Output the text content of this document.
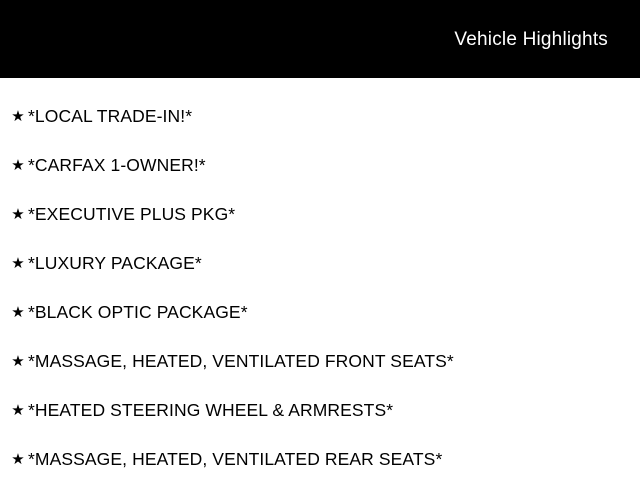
Vehicle Highlights
★ *LOCAL TRADE-IN!*
★ *CARFAX 1-OWNER!*
★ *EXECUTIVE PLUS PKG*
★ *LUXURY PACKAGE*
★ *BLACK OPTIC PACKAGE*
★ *MASSAGE, HEATED, VENTILATED FRONT SEATS*
★ *HEATED STEERING WHEEL & ARMRESTS*
★ *MASSAGE, HEATED, VENTILATED REAR SEATS*
